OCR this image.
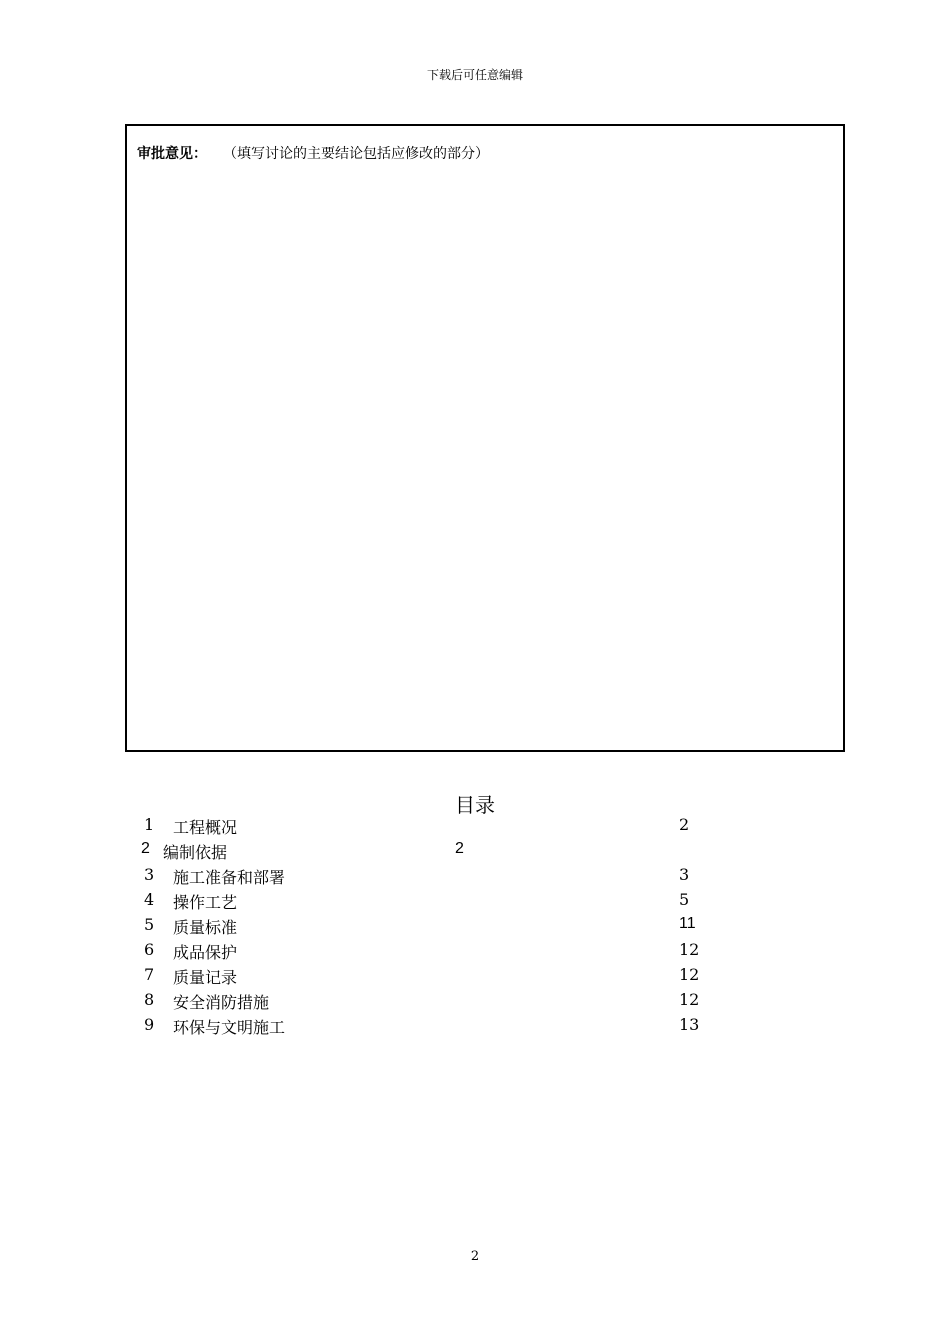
下载后可任意编辑
审批意见： （填写讨论的主要结论包括应修改的部分）
目录
1 工程概况	2
2 编制依据	2
3 施工准备和部署	3
4 操作工艺	5
5 质量标准	11
6 成品保护	12
7 质量记录	12
8 安全消防措施	12
9 环保与文明施工	13
2
